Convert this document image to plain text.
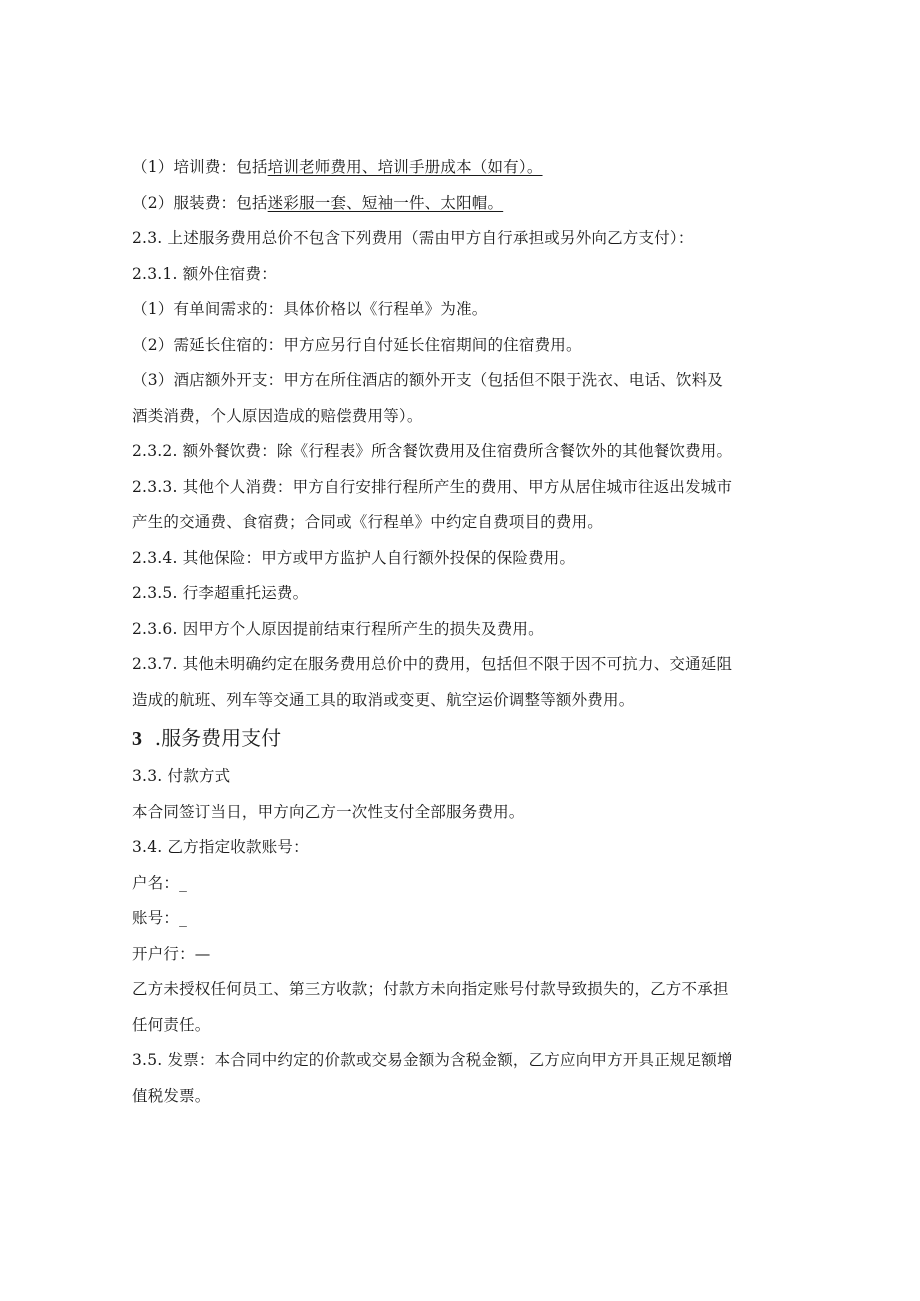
（1）培训费：包括培训老师费用、培训手册成本（如有）。
（2）服装费：包括迷彩服一套、短袖一件、太阳帽。
2.3. 上述服务费用总价不包含下列费用（需由甲方自行承担或另外向乙方支付）：
2.3.1. 额外住宿费：
（1）有单间需求的：具体价格以《行程单》为准。
（2）需延长住宿的：甲方应另行自付延长住宿期间的住宿费用。
（3）酒店额外开支：甲方在所住酒店的额外开支（包括但不限于洗衣、电话、饮料及
酒类消费，个人原因造成的赔偿费用等）。
2.3.2. 额外餐饮费：除《行程表》所含餐饮费用及住宿费所含餐饮外的其他餐饮费用。
2.3.3. 其他个人消费：甲方自行安排行程所产生的费用、甲方从居住城市往返出发城市
产生的交通费、食宿费；合同或《行程单》中约定自费项目的费用。
2.3.4. 其他保险：甲方或甲方监护人自行额外投保的保险费用。
2.3.5. 行李超重托运费。
2.3.6. 因甲方个人原因提前结束行程所产生的损失及费用。
2.3.7. 其他未明确约定在服务费用总价中的费用，包括但不限于因不可抗力、交通延阻
造成的航班、列车等交通工具的取消或变更、航空运价调整等额外费用。
3 .服务费用支付
3.3. 付款方式
本合同签订当日，甲方向乙方一次性支付全部服务费用。
3.4. 乙方指定收款账号：
户名：_
账号：_
开户行：—
乙方未授权任何员工、第三方收款；付款方未向指定账号付款导致损失的，乙方不承担
任何责任。
3.5. 发票：本合同中约定的价款或交易金额为含税金额，乙方应向甲方开具正规足额增
值税发票。
